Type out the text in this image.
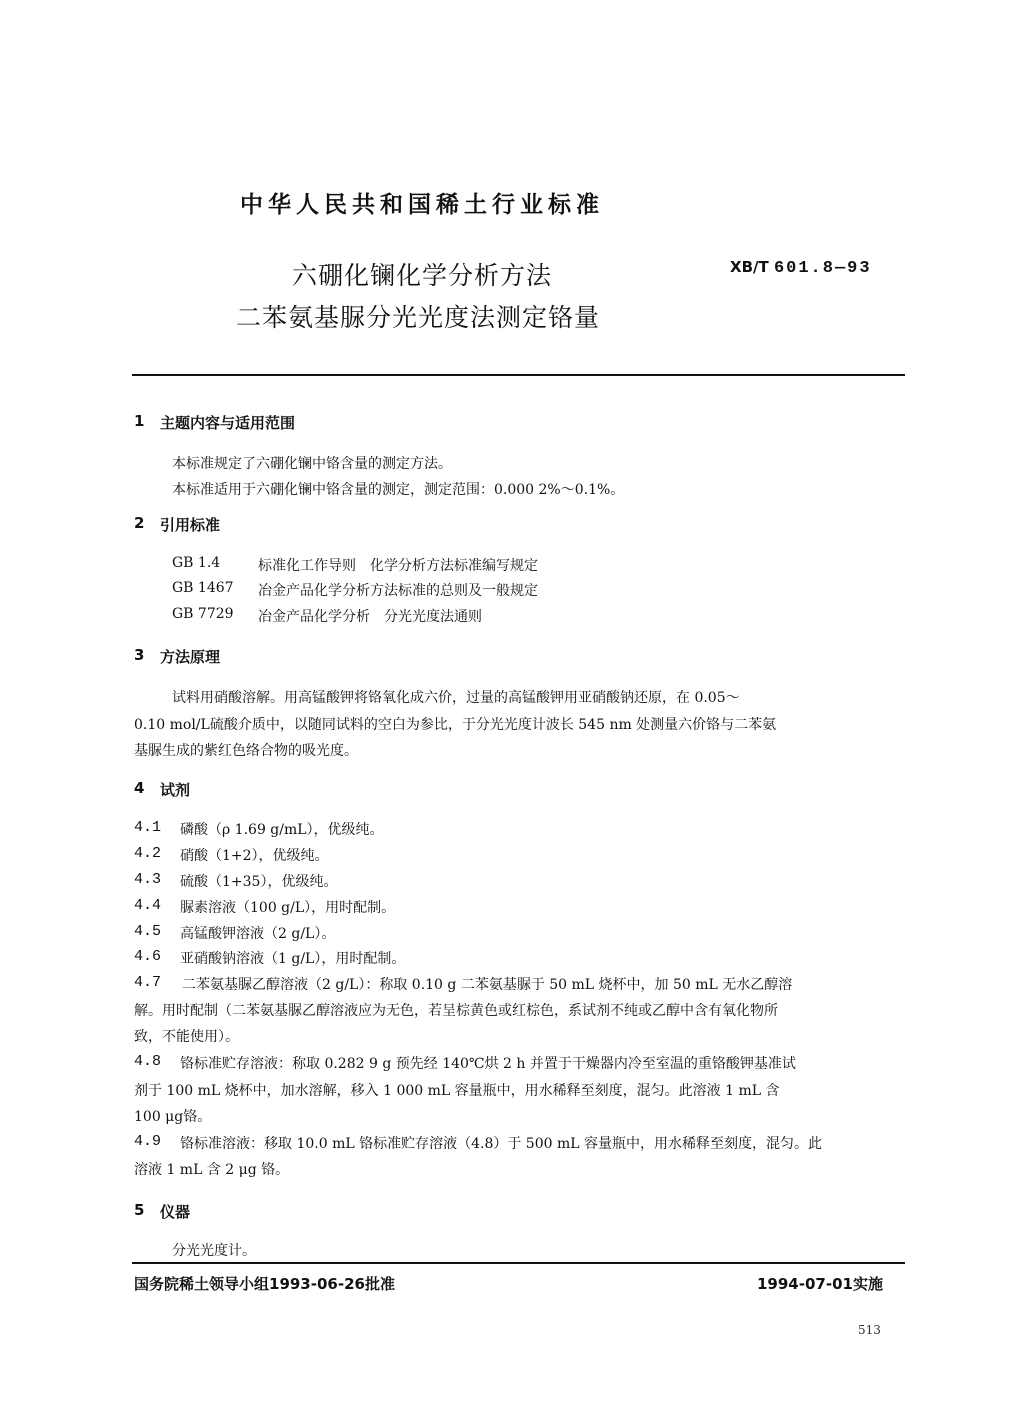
中华人民共和国稀土行业标准
六硼化镧化学分析方法
二苯氨基脲分光光度法测定铬量
XB/T 601.8—93
1 主题内容与适用范围
本标准规定了六硼化镧中铬含量的测定方法。
本标准适用于六硼化镧中铬含量的测定，测定范围：0.000 2%～0.1%。
2 引用标准
GB 1.4	标准化工作导则　化学分析方法标准编写规定
GB 1467 冶金产品化学分析方法标准的总则及一般规定
GB 7729 冶金产品化学分析　分光光度法通则
3 方法原理
试料用硝酸溶解。用高锰酸钾将铬氧化成六价，过量的高锰酸钾用亚硝酸钠还原，在 0.05～
0.10 mol/L硫酸介质中，以随同试料的空白为参比，于分光光度计波长 545 nm 处测量六价铬与二苯氨
基脲生成的紫红色络合物的吸光度。
4 试剂
4.1 磷酸（ρ 1.69 g/mL），优级纯。
4.2 硝酸（1+2），优级纯。
4.3 硫酸（1+35），优级纯。
4.4 脲素溶液（100 g/L），用时配制。
4.5 高锰酸钾溶液（2 g/L）。
4.6 亚硝酸钠溶液（1 g/L），用时配制。
4.7 二苯氨基脲乙醇溶液（2 g/L）：称取 0.10 g 二苯氨基脲于 50 mL 烧杯中，加 50 mL 无水乙醇溶
解。用时配制（二苯氨基脲乙醇溶液应为无色，若呈棕黄色或红棕色，系试剂不纯或乙醇中含有氧化物所
致，不能使用）。
4.8 铬标准贮存溶液：称取 0.282 9 g 预先经 140℃烘 2 h 并置于干燥器内冷至室温的重铬酸钾基准试
剂于 100 mL 烧杯中，加水溶解，移入 1 000 mL 容量瓶中，用水稀释至刻度，混匀。此溶液 1 mL 含
100 μg铬。
4.9 铬标准溶液：移取 10.0 mL 铬标准贮存溶液（4.8）于 500 mL 容量瓶中，用水稀释至刻度，混匀。此
溶液 1 mL 含 2 μg 铬。
5 仪器
分光光度计。
国务院稀土领导小组1993-06-26批准	1994-07-01实施
513
